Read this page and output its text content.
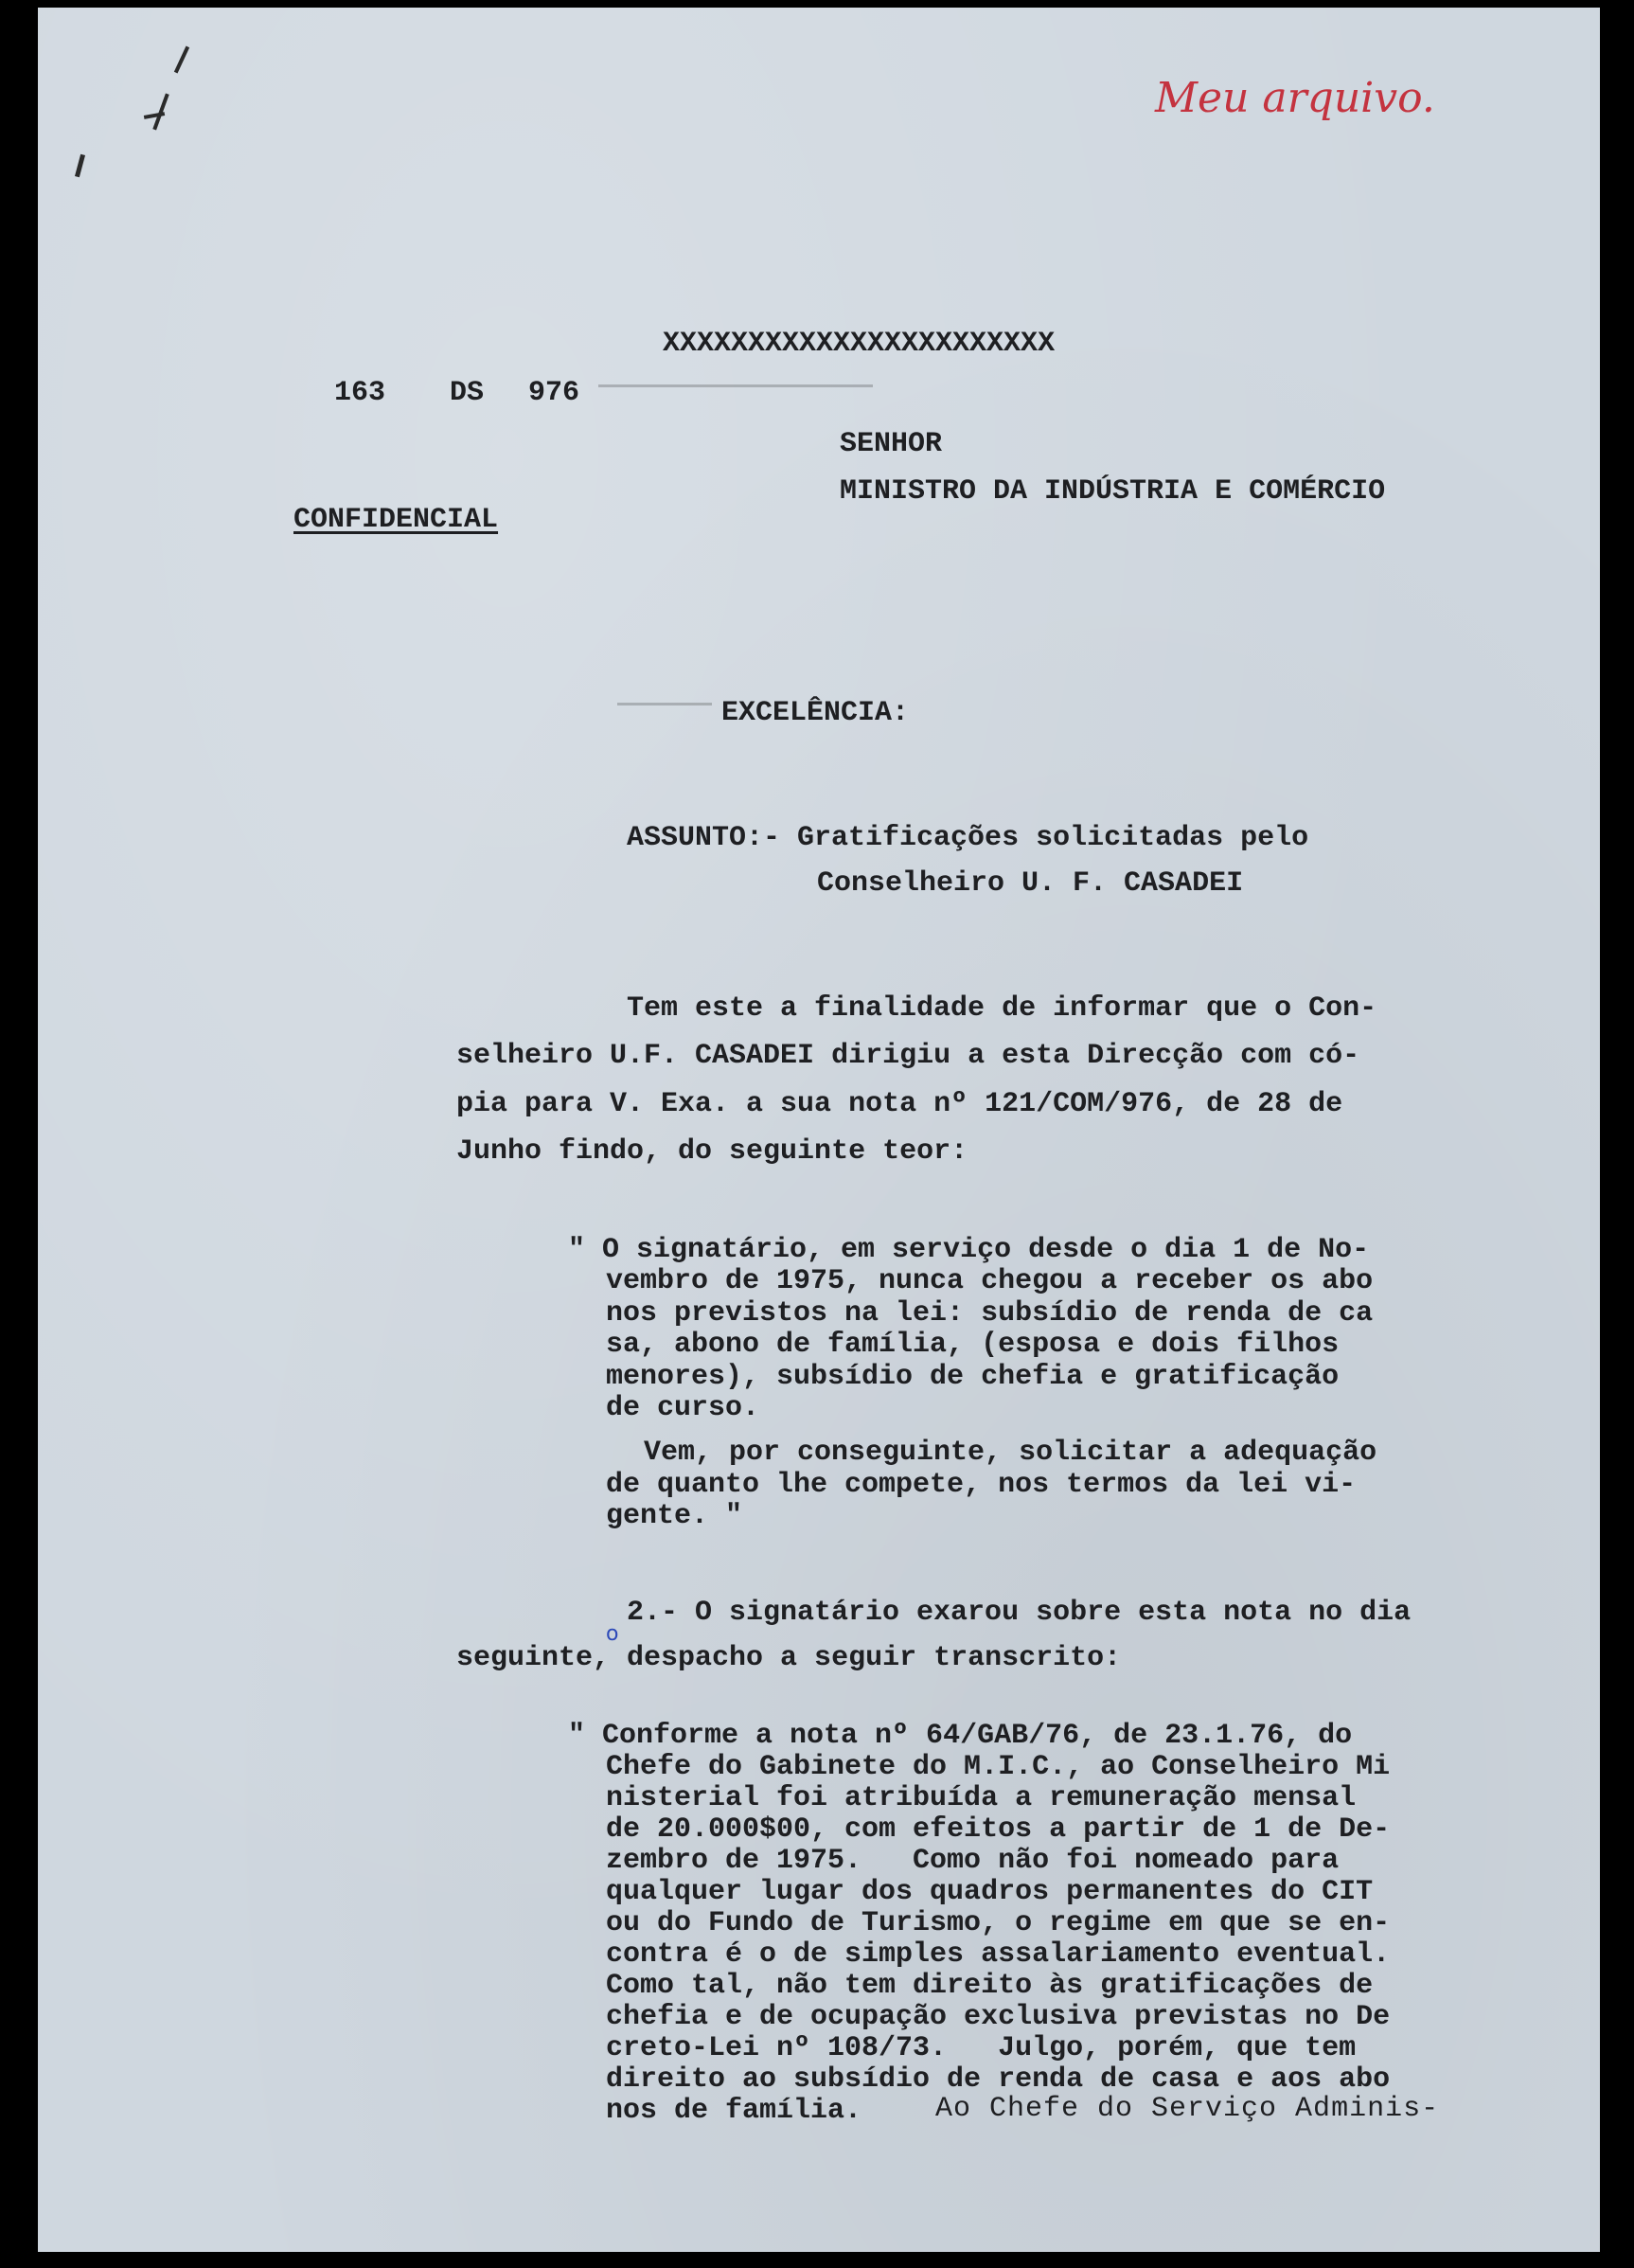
Meu arquivo.
XXXXXXXXXXXXXXXXXXXXXXX
163 DS 976
SENHOR
MINISTRO DA INDÚSTRIA E COMÉRCIO
CONFIDENCIAL
EXCELÊNCIA:
ASSUNTO:- Gratificações solicitadas pelo
Conselheiro U. F. CASADEI
Tem este a finalidade de informar que o Con-
selheiro U.F. CASADEI dirigiu a esta Direcção com có-
pia para V. Exa. a sua nota nº 121/COM/976, de 28 de
Junho findo, do seguinte teor:
" O signatário, em serviço desde o dia 1 de No-
vembro de 1975, nunca chegou a receber os abo
nos previstos na lei: subsídio de renda de ca
sa, abono de família, (esposa e dois filhos
menores), subsídio de chefia e gratificação
de curso.
Vem, por conseguinte, solicitar a adequação
de quanto lhe compete, nos termos da lei vi-
gente. "
2.- O signatário exarou sobre esta nota no dia
o
seguinte, despacho a seguir transcrito:
" Conforme a nota nº 64/GAB/76, de 23.1.76, do
Chefe do Gabinete do M.I.C., ao Conselheiro Mi
nisterial foi atribuída a remuneração mensal
de 20.000$00, com efeitos a partir de 1 de De-
zembro de 1975.   Como não foi nomeado para
qualquer lugar dos quadros permanentes do CIT
ou do Fundo de Turismo, o regime em que se en-
contra é o de simples assalariamento eventual.
Como tal, não tem direito às gratificações de
chefia e de ocupação exclusiva previstas no De
creto-Lei nº 108/73.   Julgo, porém, que tem
direito ao subsídio de renda de casa e aos abo
nos de família.	Ao Chefe do Serviço Adminis-
